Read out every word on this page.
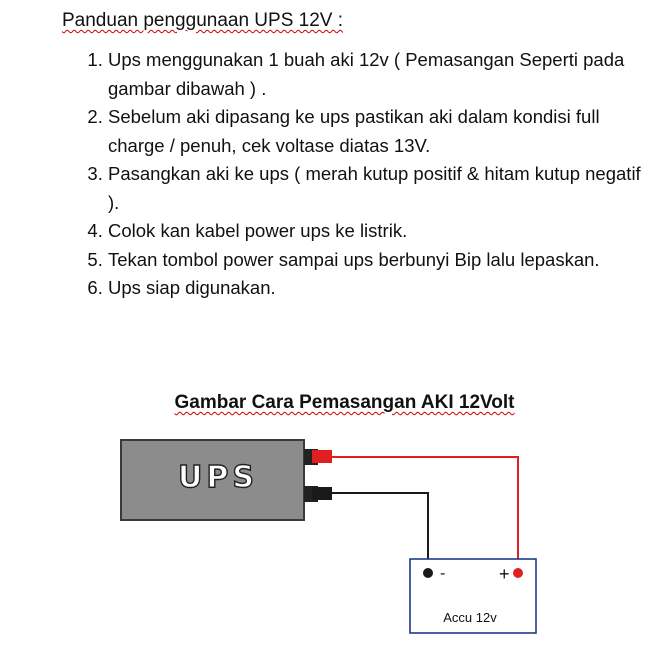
Panduan penggunaan UPS 12V :
1. Ups menggunakan 1 buah aki 12v ( Pemasangan Seperti pada gambar dibawah ) .
2. Sebelum aki dipasang ke ups pastikan aki dalam kondisi full charge / penuh, cek voltase diatas 13V.
3. Pasangkan aki ke ups ( merah kutup positif & hitam kutup negatif ).
4. Colok kan kabel power ups ke listrik.
5. Tekan tombol power sampai ups berbunyi Bip lalu lepaskan.
6. Ups siap digunakan.
Gambar Cara Pemasangan AKI 12Volt
UPS
-	+
Accu 12v
